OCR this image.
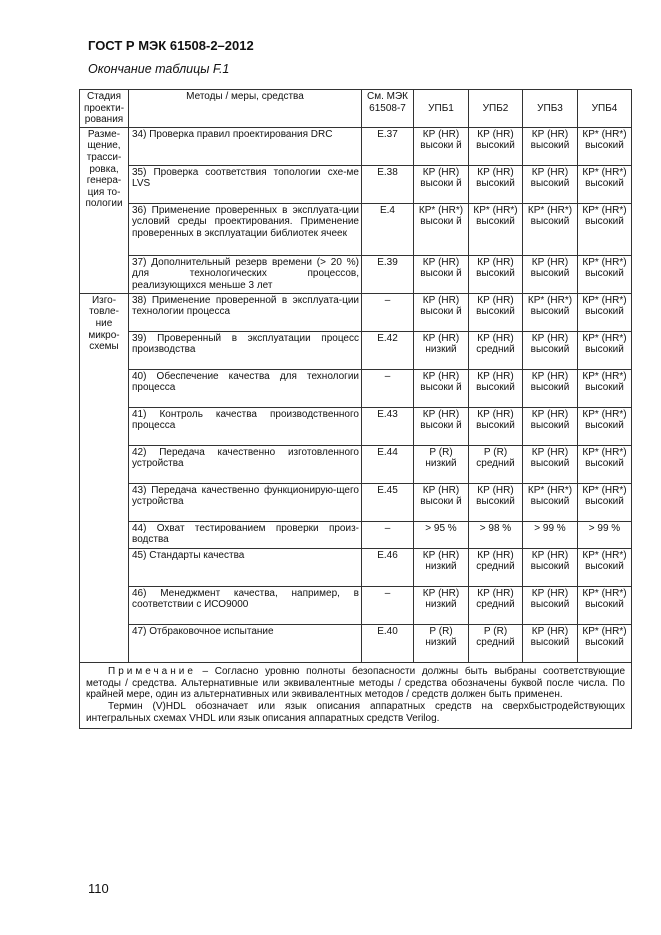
ГОСТ Р МЭК 61508-2–2012
Окончание таблицы F.1
Стадия проекти-рования	Методы / меры, средства	См. МЭК 61508-7	УПБ1	УПБ2	УПБ3	УПБ4
Разме-щение, трасси-ровка, генера-ция то-пологии	34) Проверка правил проектирования DRC	E.37	КР (HR) высоки й	КР (HR) высокий	КР (HR) высокий	КР* (HR*) высокий
	35) Проверка соответствия топологии схе-ме LVS	E.38	КР (HR) высоки й	КР (HR) высокий	КР (HR) высокий	КР* (HR*) высокий
	36) Применение проверенных в эксплуата-ции условий среды проектирования. Применение проверенных в эксплуатации библиотек ячеек	E.4	КР* (HR*) высоки й	КР* (HR*) высокий	КР* (HR*) высокий	КР* (HR*) высокий
	37) Дополнительный резерв времени (> 20 %) для технологических процессов, реализующихся меньше 3 лет	E.39	КР (HR) высоки й	КР (HR) высокий	КР (HR) высокий	КР* (HR*) высокий
Изго-товле-ние микро-схемы	38) Применение проверенной в эксплуата-ции технологии процесса	–	КР (HR) высоки й	КР (HR) высокий	КР* (HR*) высокий	КР* (HR*) высокий
	39) Проверенный в эксплуатации процесс производства	E.42	КР (HR) низкий	КР (HR) средний	КР (HR) высокий	КР* (HR*) высокий
	40) Обеспечение качества для технологии процесса	–	КР (HR) высоки й	КР (HR) высокий	КР (HR) высокий	КР* (HR*) высокий
	41) Контроль качества производственного процесса	E.43	КР (HR) высоки й	КР (HR) высокий	КР (HR) высокий	КР* (HR*) высокий
	42) Передача качественно изготовленного устройства	E.44	Р (R) низкий	Р (R) средний	КР (HR) высокий	КР* (HR*) высокий
	43) Передача качественно функционирую-щего устройства	E.45	КР (HR) высоки й	КР (HR) высокий	КР* (HR*) высокий	КР* (HR*) высокий
	44) Охват тестированием проверки произ-водства	–	> 95 %	> 98 %	> 99 %	> 99 %
	45) Стандарты качества	E.46	КР (HR) низкий	КР (HR) средний	КР (HR) высокий	КР* (HR*) высокий
	46) Менеджмент качества, например, в соответствии с ИСО9000	–	КР (HR) низкий	КР (HR) средний	КР (HR) высокий	КР* (HR*) высокий
	47) Отбраковочное испытание	E.40	Р (R) низкий	Р (R) средний	КР (HR) высокий	КР* (HR*) высокий

Примечание – Согласно уровню полноты безопасности должны быть выбраны соответствующие методы / средства. Альтернативные или эквивалентные методы / средства обозначены буквой после числа. По крайней мере, один из альтернативных или эквивалентных методов / средств должен быть применен.

Термин (V)HDL обозначает или язык описания аппаратных средств на сверхбыстродействующих интегральных схемах VHDL или язык описания аппаратных средств Verilog.						

110
